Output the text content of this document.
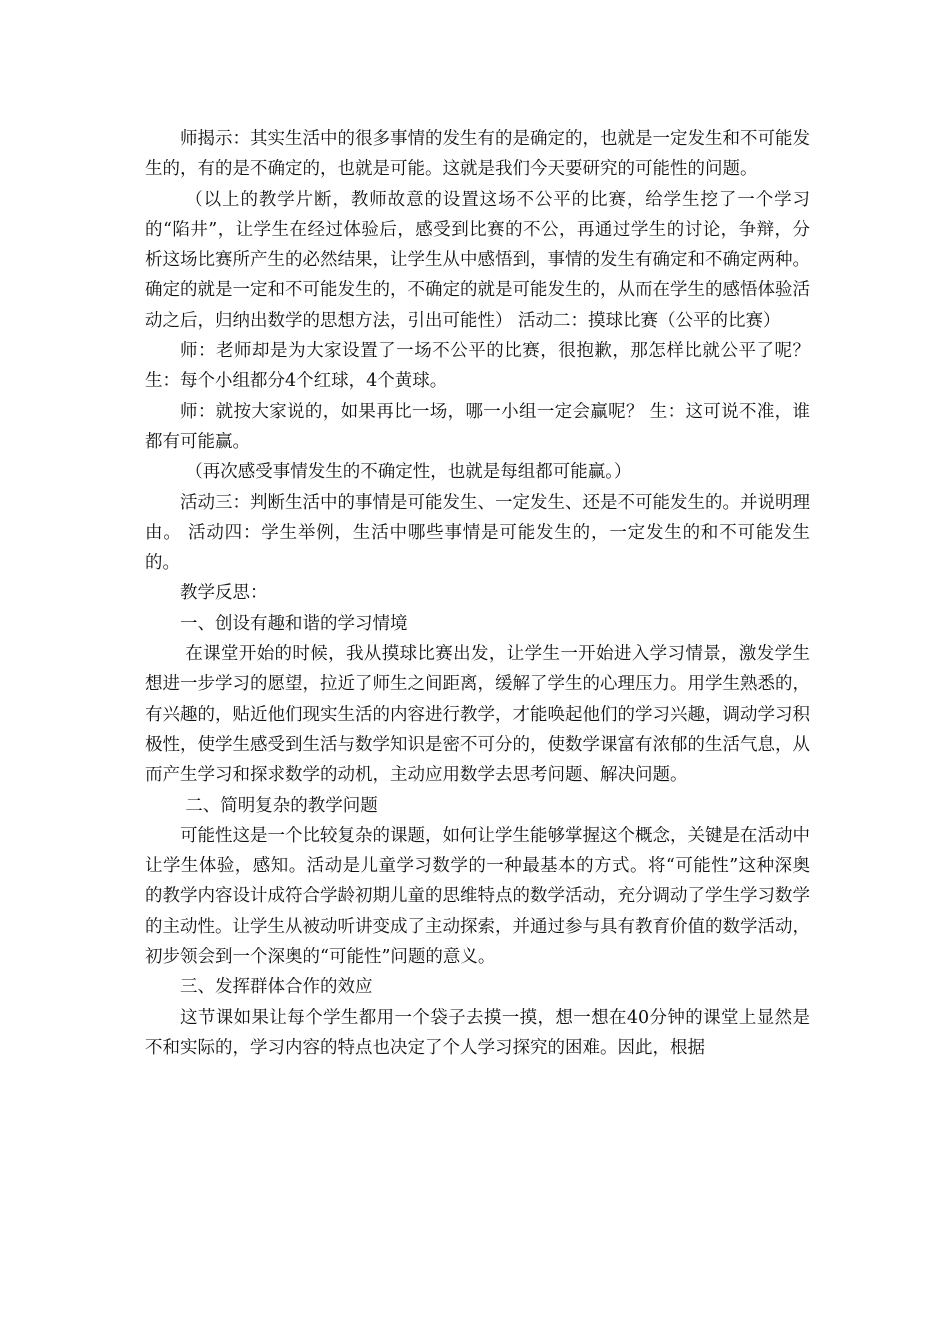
师揭示：其实生活中的很多事情的发生有的是确定的，也就是一定发生和不可能发生的，有的是不确定的，也就是可能。这就是我们今天要研究的可能性的问题。

（以上的教学片断，教师故意的设置这场不公平的比赛，给学生挖了一个学习的“陷井”，让学生在经过体验后，感受到比赛的不公，再通过学生的讨论，争辩，分析这场比赛所产生的必然结果，让学生从中感悟到，事情的发生有确定和不确定两种。确定的就是一定和不可能发生的，不确定的就是可能发生的，从而在学生的感悟体验活动之后，归纳出数学的思想方法，引出可能性） 活动二：摸球比赛（公平的比赛）

师：老师却是为大家设置了一场不公平的比赛，很抱歉，那怎样比就公平了呢？ 生：每个小组都分4个红球，4个黄球。

师：就按大家说的，如果再比一场，哪一小组一定会赢呢？ 生：这可说不准，谁都有可能赢。

（再次感受事情发生的不确定性，也就是每组都可能赢。）

活动三：判断生活中的事情是可能发生、一定发生、还是不可能发生的。并说明理由。 活动四：学生举例，生活中哪些事情是可能发生的，一定发生的和不可能发生的。

教学反思：

一、创设有趣和谐的学习情境

在课堂开始的时候，我从摸球比赛出发，让学生一开始进入学习情景，激发学生想进一步学习的愿望，拉近了师生之间距离，缓解了学生的心理压力。用学生熟悉的，有兴趣的，贴近他们现实生活的内容进行教学，才能唤起他们的学习兴趣，调动学习积极性，使学生感受到生活与数学知识是密不可分的，使数学课富有浓郁的生活气息，从而产生学习和探求数学的动机，主动应用数学去思考问题、解决问题。

二、简明复杂的教学问题

可能性这是一个比较复杂的课题，如何让学生能够掌握这个概念，关键是在活动中让学生体验，感知。活动是儿童学习数学的一种最基本的方式。将“可能性”这种深奥的教学内容设计成符合学龄初期儿童的思维特点的数学活动，充分调动了学生学习数学的主动性。让学生从被动听讲变成了主动探索，并通过参与具有教育价值的数学活动，初步领会到一个深奥的“可能性”问题的意义。

三、发挥群体合作的效应

这节课如果让每个学生都用一个袋子去摸一摸，想一想在40分钟的课堂上显然是不和实际的，学习内容的特点也决定了个人学习探究的困难。因此，根据
